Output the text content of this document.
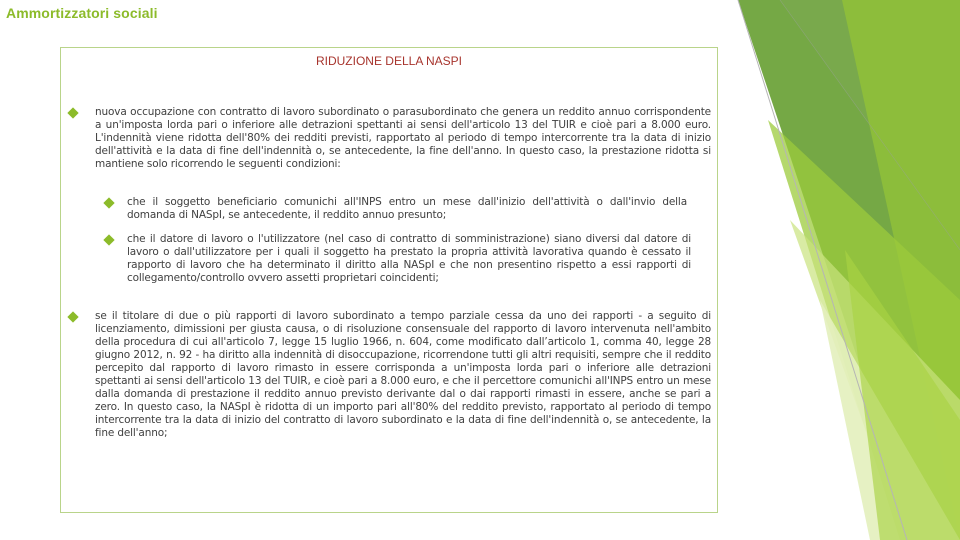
Ammortizzatori sociali
RIDUZIONE DELLA NASPI
nuova occupazione con contratto di lavoro subordinato o parasubordinato che genera un reddito annuo corrispondente a un'imposta lorda pari o inferiore alle detrazioni spettanti ai sensi dell'articolo 13 del TUIR e cioè pari a 8.000 euro. L'indennità viene ridotta dell'80% dei redditi previsti, rapportato al periodo di tempo intercorrente tra la data di inizio dell'attività e la data di fine dell'indennità o, se antecedente, la fine dell'anno. In questo caso, la prestazione ridotta si mantiene solo ricorrendo le seguenti condizioni:
che il soggetto beneficiario comunichi all'INPS entro un mese dall'inizio dell'attività o dall'invio della domanda di NASpI, se antecedente, il reddito annuo presunto;
che il datore di lavoro o l'utilizzatore (nel caso di contratto di somministrazione) siano diversi dal datore di lavoro o dall'utilizzatore per i quali il soggetto ha prestato la propria attività lavorativa quando è cessato il rapporto di lavoro che ha determinato il diritto alla NASpI e che non presentino rispetto a essi rapporti di collegamento/controllo ovvero assetti proprietari coincidenti;
se il titolare di due o più rapporti di lavoro subordinato a tempo parziale cessa da uno dei rapporti - a seguito di licenziamento, dimissioni per giusta causa, o di risoluzione consensuale del rapporto di lavoro intervenuta nell'ambito della procedura di cui all'articolo 7, legge 15 luglio 1966, n. 604, come modificato dall’articolo 1, comma 40, legge 28 giugno 2012, n. 92 - ha diritto alla indennità di disoccupazione, ricorrendone tutti gli altri requisiti, sempre che il reddito percepito dal rapporto di lavoro rimasto in essere corrisponda a un'imposta lorda pari o inferiore alle detrazioni spettanti ai sensi dell'articolo 13 del TUIR, e cioè pari a 8.000 euro, e che il percettore comunichi all'INPS entro un mese dalla domanda di prestazione il reddito annuo previsto derivante dal o dai rapporti rimasti in essere, anche se pari a zero. In questo caso, la NASpI è ridotta di un importo pari all'80% del reddito previsto, rapportato al periodo di tempo intercorrente tra la data di inizio del contratto di lavoro subordinato e la data di fine dell'indennità o, se antecedente, la fine dell'anno;
